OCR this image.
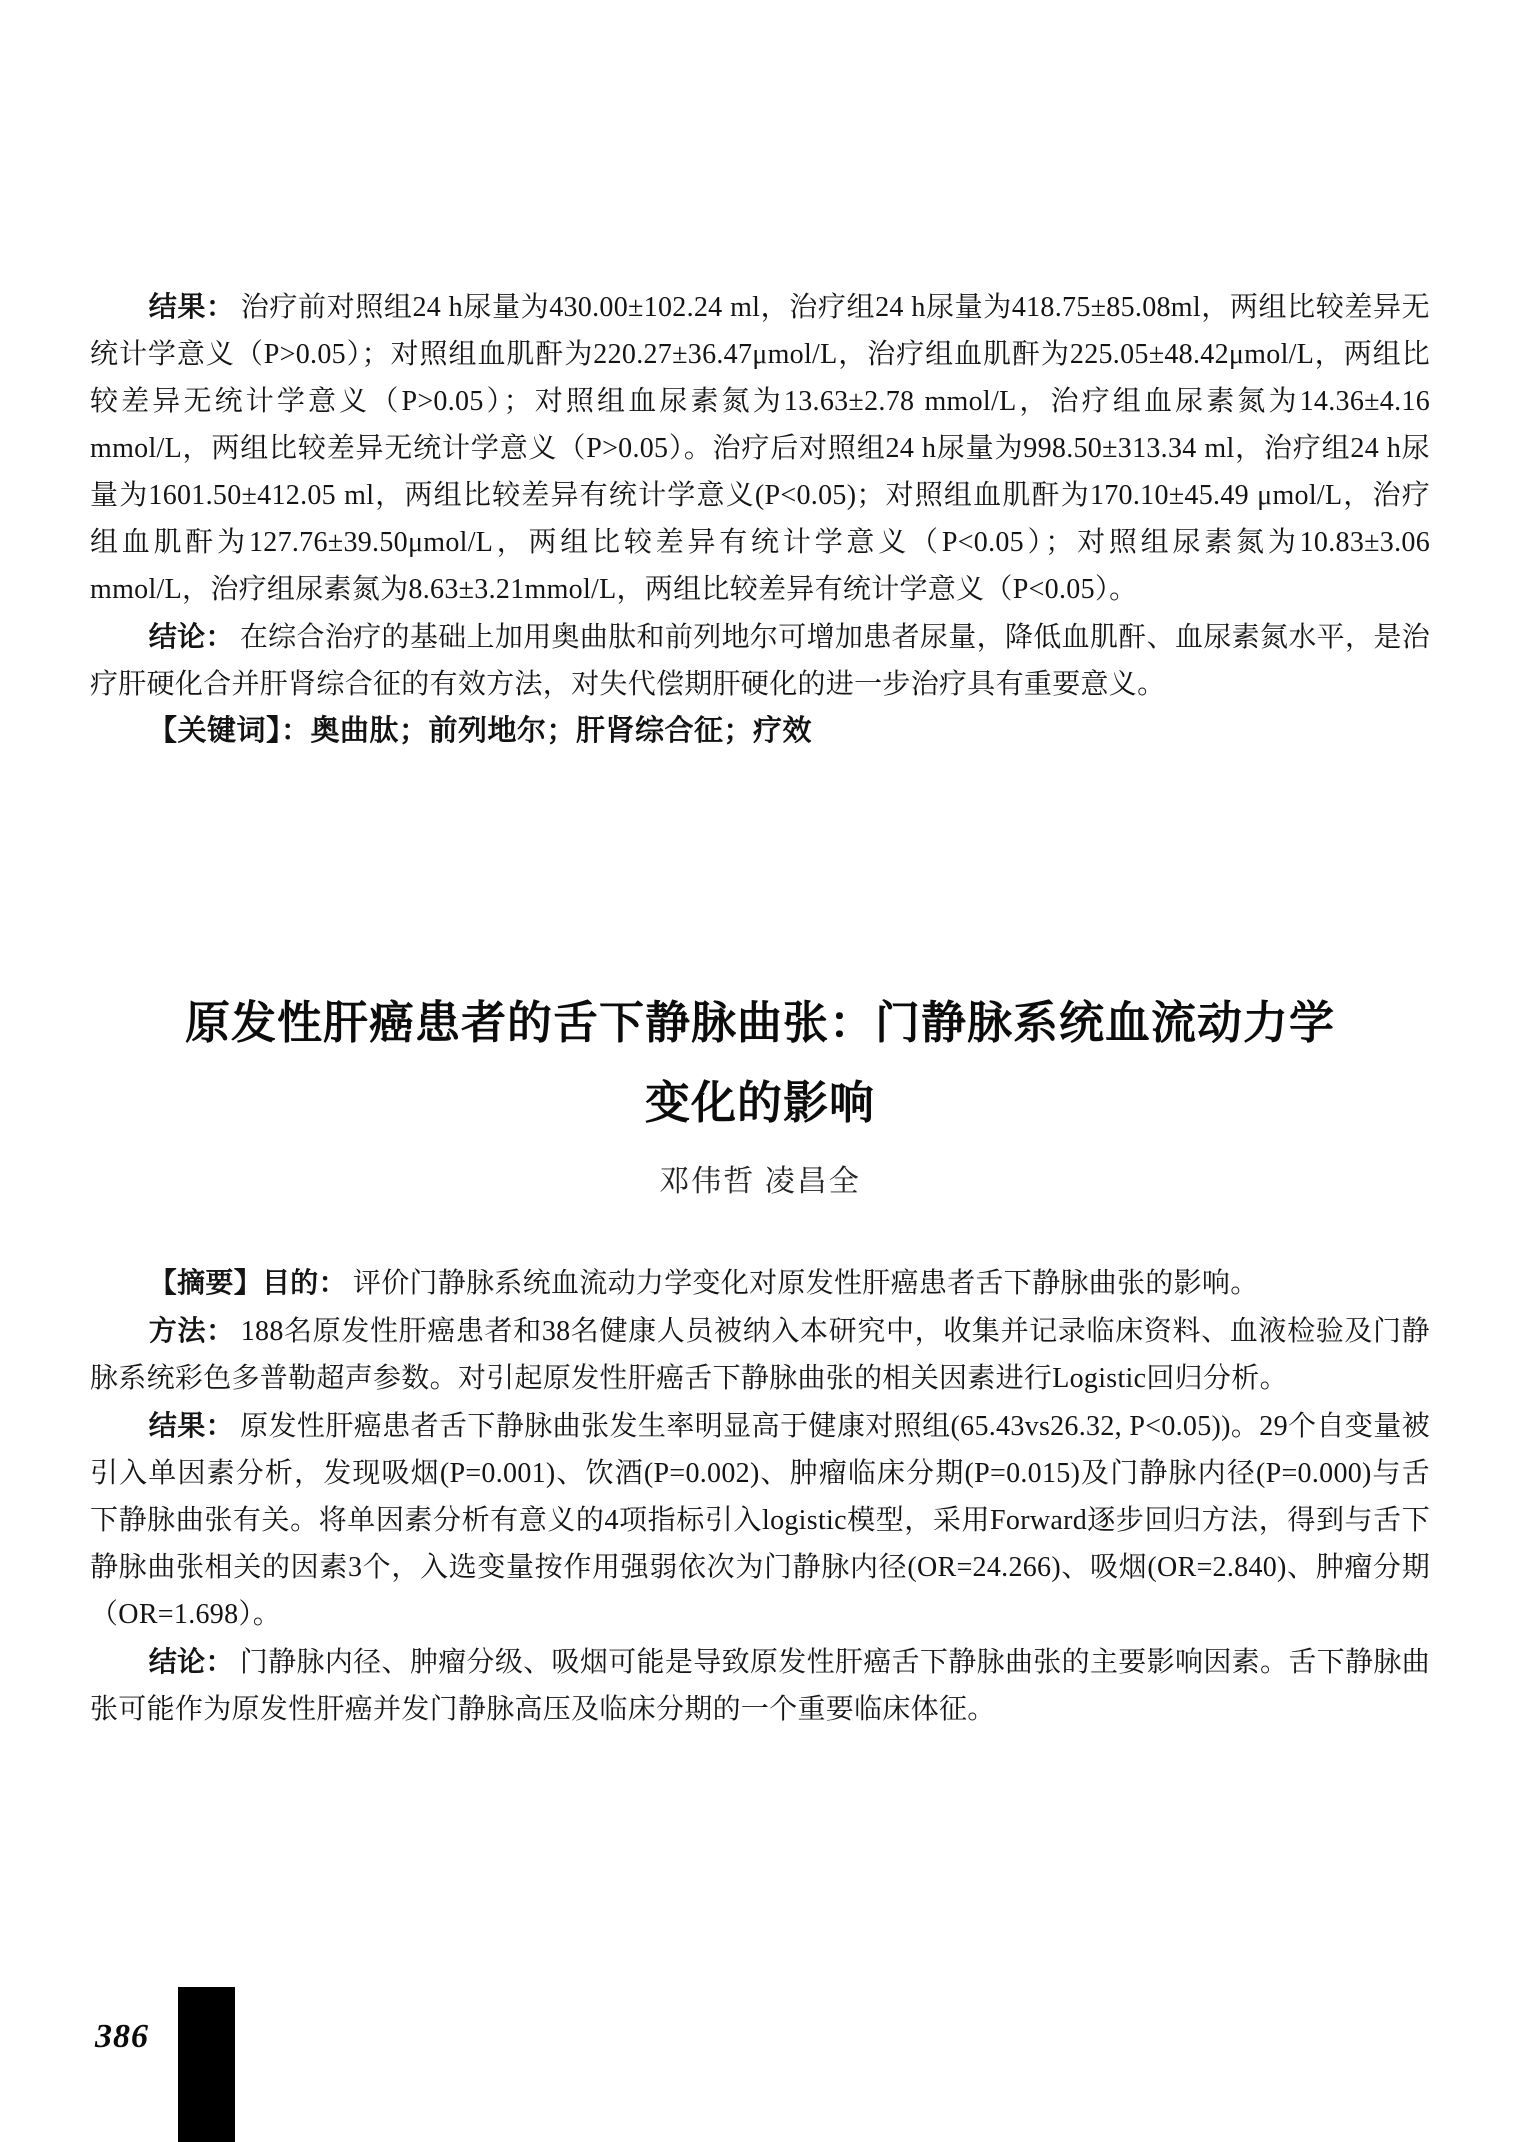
结果： 治疗前对照组24 h尿量为430.00±102.24 ml，治疗组24 h尿量为418.75±85.08ml，两组比较差异无统计学意义（P>0.05）；对照组血肌酐为220.27±36.47μmol/L，治疗组血肌酐为225.05±48.42μmol/L，两组比较差异无统计学意义（P>0.05）；对照组血尿素氮为13.63±2.78 mmol/L，治疗组血尿素氮为14.36±4.16 mmol/L，两组比较差异无统计学意义（P>0.05）。治疗后对照组24 h尿量为998.50±313.34 ml，治疗组24 h尿量为1601.50±412.05 ml，两组比较差异有统计学意义(P<0.05)；对照组血肌酐为170.10±45.49 μmol/L，治疗组血肌酐为127.76±39.50μmol/L，两组比较差异有统计学意义（P<0.05）；对照组尿素氮为10.83±3.06 mmol/L，治疗组尿素氮为8.63±3.21mmol/L，两组比较差异有统计学意义（P<0.05）。

结论： 在综合治疗的基础上加用奥曲肽和前列地尔可增加患者尿量，降低血肌酐、血尿素氮水平，是治疗肝硬化合并肝肾综合征的有效方法，对失代偿期肝硬化的进一步治疗具有重要意义。

【关键词】：奥曲肽；前列地尔；肝肾综合征；疗效

原发性肝癌患者的舌下静脉曲张：门静脉系统血流动力学
变化的影响
邓伟哲 凌昌全

【摘要】目的： 评价门静脉系统血流动力学变化对原发性肝癌患者舌下静脉曲张的影响。

方法： 188名原发性肝癌患者和38名健康人员被纳入本研究中，收集并记录临床资料、血液检验及门静脉系统彩色多普勒超声参数。对引起原发性肝癌舌下静脉曲张的相关因素进行Logistic回归分析。

结果： 原发性肝癌患者舌下静脉曲张发生率明显高于健康对照组(65.43vs26.32, P<0.05))。29个自变量被引入单因素分析，发现吸烟(P=0.001)、饮酒(P=0.002)、肿瘤临床分期(P=0.015)及门静脉内径(P=0.000)与舌下静脉曲张有关。将单因素分析有意义的4项指标引入logistic模型，采用Forward逐步回归方法，得到与舌下静脉曲张相关的因素3个，入选变量按作用强弱依次为门静脉内径(OR=24.266)、吸烟(OR=2.840)、肿瘤分期（OR=1.698）。

结论： 门静脉内径、肿瘤分级、吸烟可能是导致原发性肝癌舌下静脉曲张的主要影响因素。舌下静脉曲张可能作为原发性肝癌并发门静脉高压及临床分期的一个重要临床体征。

386
